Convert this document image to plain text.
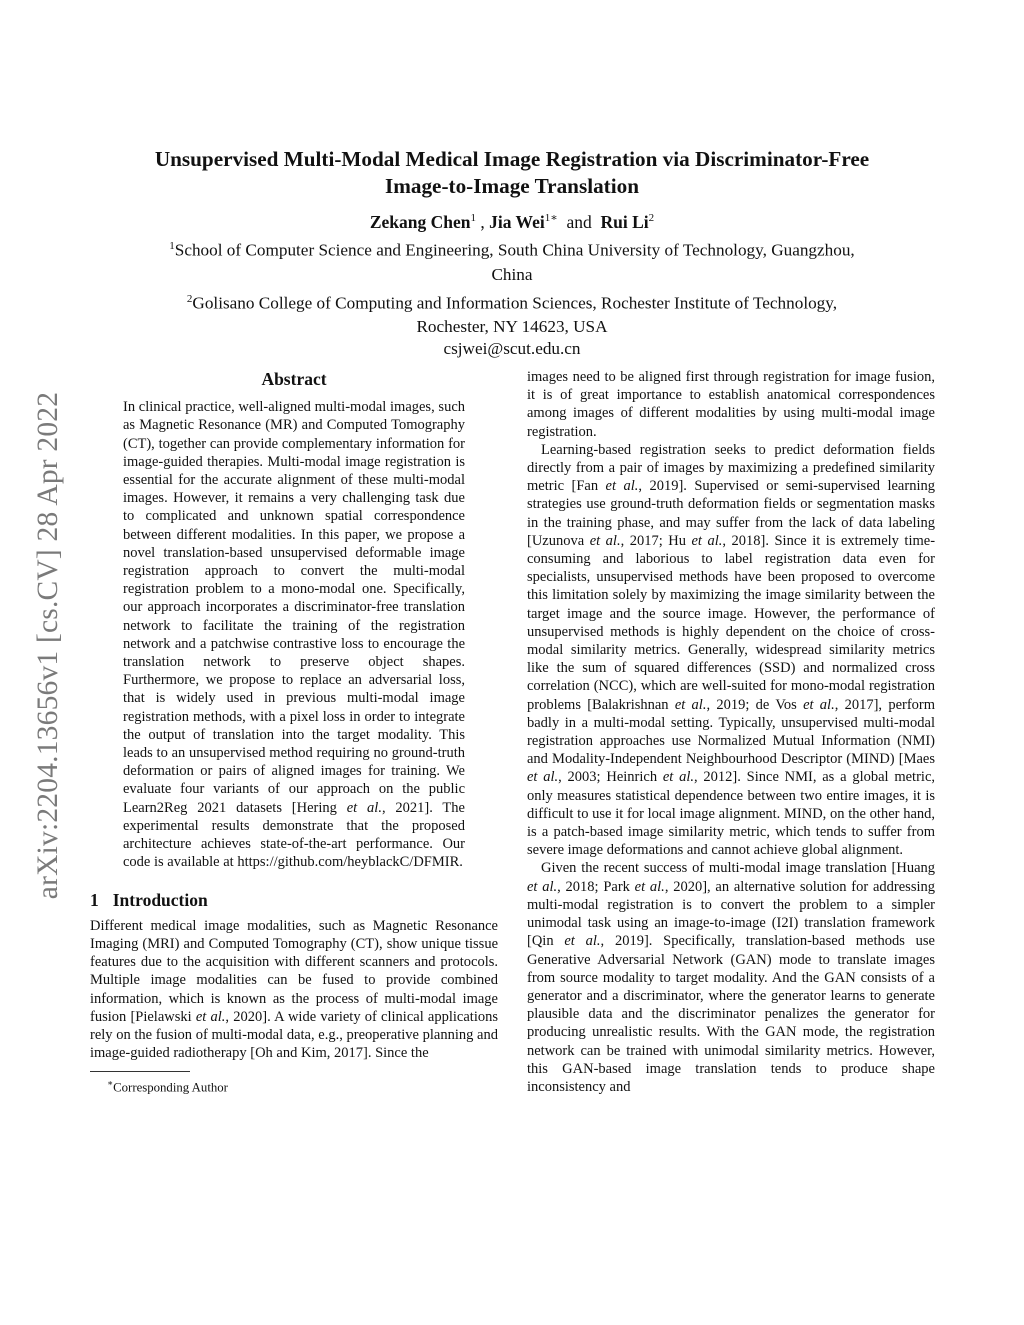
arXiv:2204.13656v1 [cs.CV] 28 Apr 2022
Unsupervised Multi-Modal Medical Image Registration via Discriminator-Free
Image-to-Image Translation
Zekang Chen$^1$ , Jia Wei$^{1∗}$ and Rui Li$^2$
$^1$School of Computer Science and Engineering, South China University of Technology, Guangzhou,
China
$^2$Golisano College of Computing and Information Sciences, Rochester Institute of Technology,
Rochester, NY 14623, USA
csjwei@scut.edu.cn
Abstract

In clinical practice, well-aligned multi-modal images, such as Magnetic Resonance (MR) and Computed Tomography (CT), together can provide complementary information for image-guided therapies. Multi-modal image registration is essential for the accurate alignment of these multi-modal images. However, it remains a very challenging task due to complicated and unknown spatial correspondence between different modalities. In this paper, we propose a novel translation-based unsupervised deformable image registration approach to convert the multi-modal registration problem to a mono-modal one. Specifically, our approach incorporates a discriminator-free translation network to facilitate the training of the registration network and a patchwise contrastive loss to encourage the translation network to preserve object shapes. Furthermore, we propose to replace an adversarial loss, that is widely used in previous multi-modal image registration methods, with a pixel loss in order to integrate the output of translation into the target modality. This leads to an unsupervised method requiring no ground-truth deformation or pairs of aligned images for training. We evaluate four variants of our approach on the public Learn2Reg 2021 datasets [Hering et al., 2021]. The experimental results demonstrate that the proposed architecture achieves state-of-the-art performance. Our code is available at https://github.com/heyblackC/DFMIR.

1 Introduction

Different medical image modalities, such as Magnetic Resonance Imaging (MRI) and Computed Tomography (CT), show unique tissue features due to the acquisition with different scanners and protocols. Multiple image modalities can be fused to provide combined information, which is known as the process of multi-modal image fusion [Pielawski et al., 2020]. A wide variety of clinical applications rely on the fusion of multi-modal data, e.g., preoperative planning and image-guided radiotherapy [Oh and Kim, 2017]. Since the

∗Corresponding Author

images need to be aligned first through registration for image fusion, it is of great importance to establish anatomical correspondences among images of different modalities by using multi-modal image registration.

Learning-based registration seeks to predict deformation fields directly from a pair of images by maximizing a predefined similarity metric [Fan et al., 2019]. Supervised or semi-supervised learning strategies use ground-truth deformation fields or segmentation masks in the training phase, and may suffer from the lack of data labeling [Uzunova et al., 2017; Hu et al., 2018]. Since it is extremely time-consuming and laborious to label registration data even for specialists, unsupervised methods have been proposed to overcome this limitation solely by maximizing the image similarity between the target image and the source image. However, the performance of unsupervised methods is highly dependent on the choice of cross-modal similarity metrics. Generally, widespread similarity metrics like the sum of squared differences (SSD) and normalized cross correlation (NCC), which are well-suited for mono-modal registration problems [Balakrishnan et al., 2019; de Vos et al., 2017], perform badly in a multi-modal setting. Typically, unsupervised multi-modal registration approaches use Normalized Mutual Information (NMI) and Modality-Independent Neighbourhood Descriptor (MIND) [Maes et al., 2003; Heinrich et al., 2012]. Since NMI, as a global metric, only measures statistical dependence between two entire images, it is difficult to use it for local image alignment. MIND, on the other hand, is a patch-based image similarity metric, which tends to suffer from severe image deformations and cannot achieve global alignment.

Given the recent success of multi-modal image translation [Huang et al., 2018; Park et al., 2020], an alternative solution for addressing multi-modal registration is to convert the problem to a simpler unimodal task using an image-to-image (I2I) translation framework [Qin et al., 2019]. Specifically, translation-based methods use Generative Adversarial Network (GAN) mode to translate images from source modality to target modality. And the GAN consists of a generator and a discriminator, where the generator learns to generate plausible data and the discriminator penalizes the generator for producing unrealistic results. With the GAN mode, the registration network can be trained with unimodal similarity metrics. However, this GAN-based image translation tends to produce shape inconsistency and
